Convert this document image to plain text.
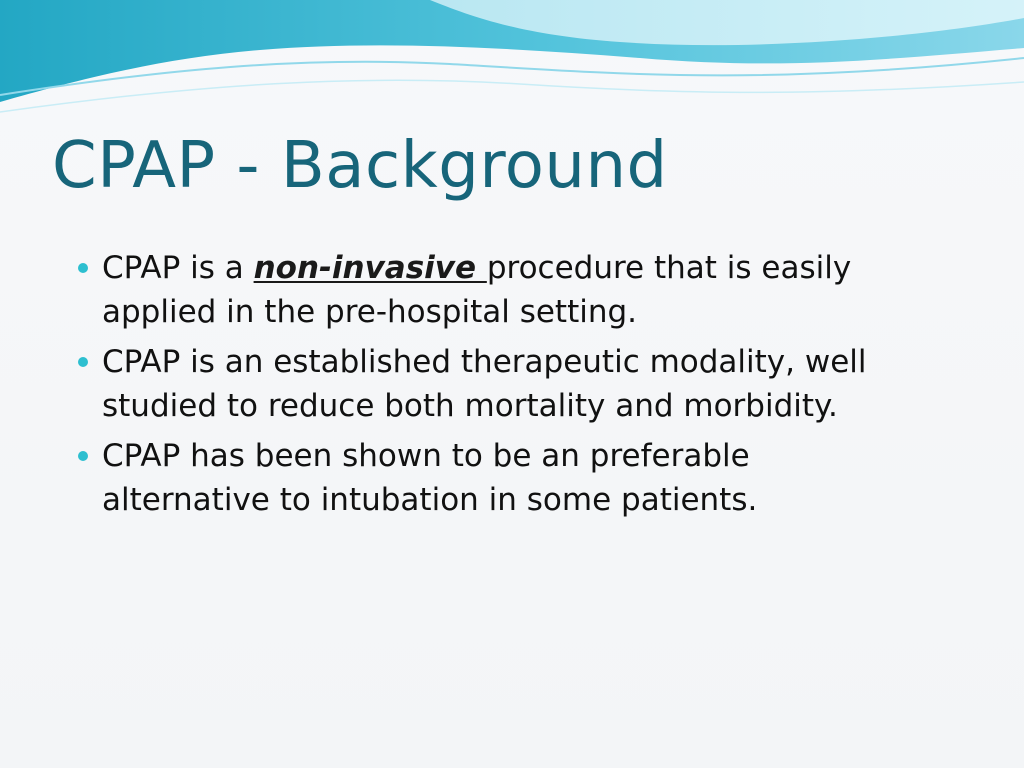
CPAP - Background
CPAP is a non-invasive procedure that is easily applied in the pre-hospital setting.
CPAP is an established therapeutic modality, well studied to reduce both mortality and morbidity.
CPAP has been shown to be an preferable alternative to intubation in some patients.
